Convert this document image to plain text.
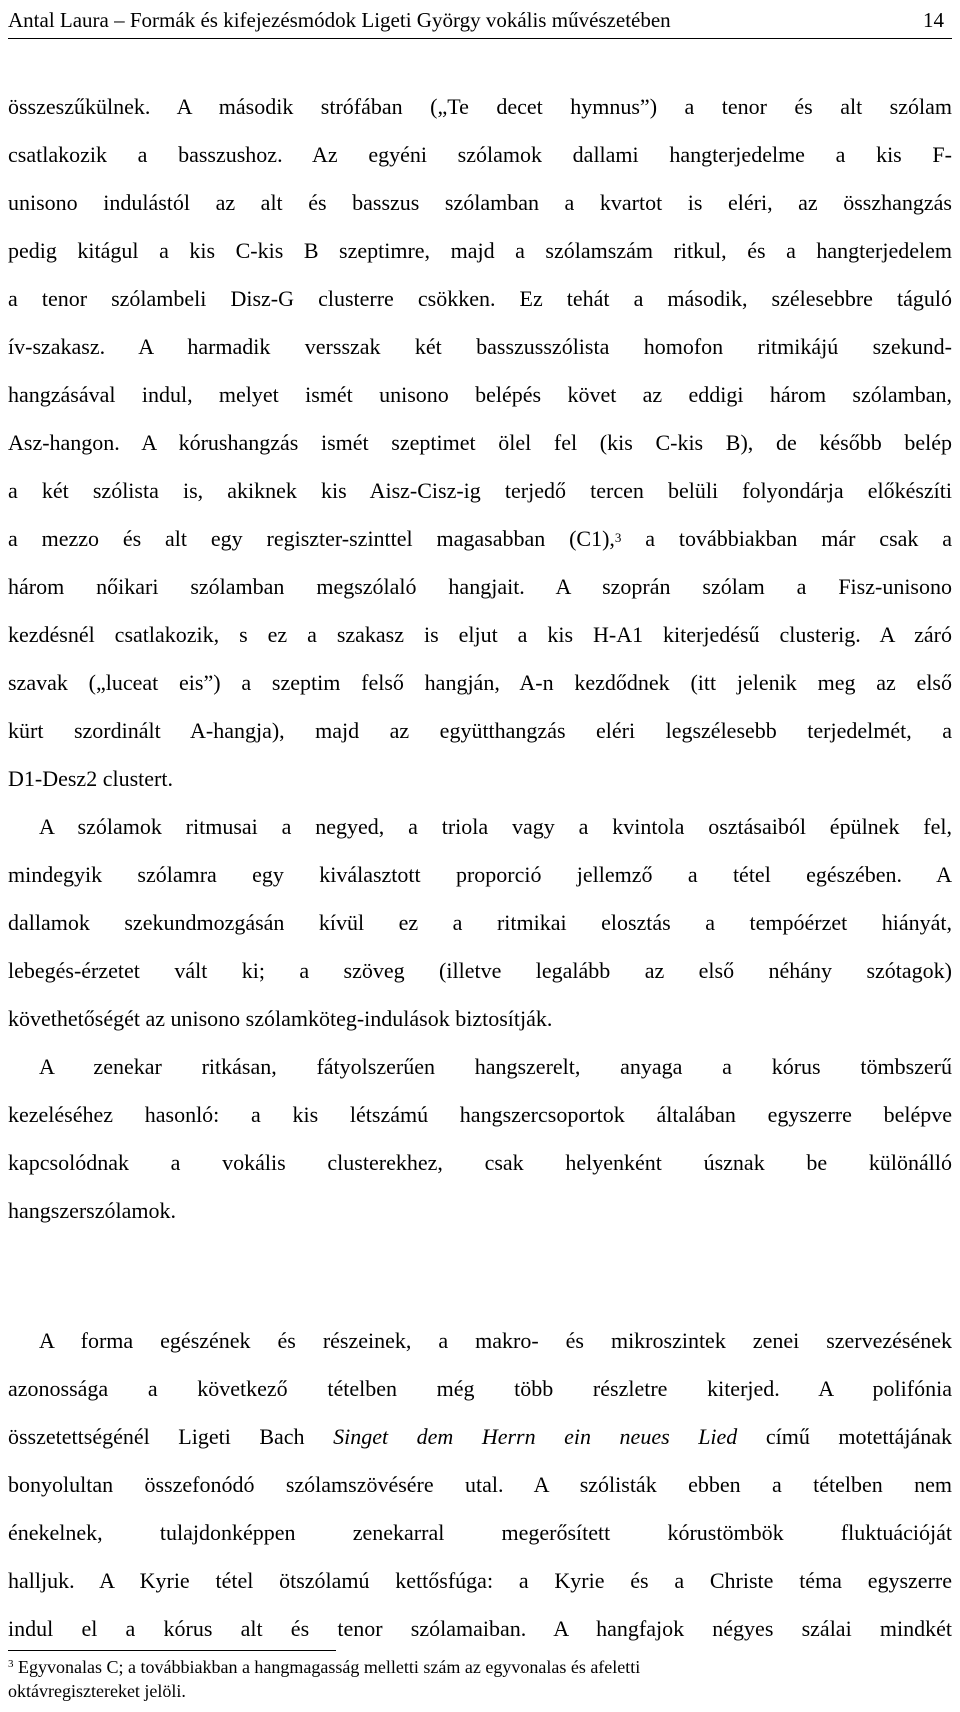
Antal Laura – Formák és kifejezésmódok Ligeti György vokális művészetében	14
összeszűkülnek. A második strófában („Te decet hymnus”) a tenor és alt szólam
csatlakozik a basszushoz. Az egyéni szólamok dallami hangterjedelme a kis F-
unisono indulástól az alt és basszus szólamban a kvartot is eléri, az összhangzás
pedig kitágul a kis C-kis B szeptimre, majd a szólamszám ritkul, és a hangterjedelem
a tenor szólambeli Disz-G clusterre csökken. Ez tehát a második, szélesebbre táguló
ív-szakasz. A harmadik versszak két basszusszólista homofon ritmikájú szekund-
hangzásával indul, melyet ismét unisono belépés követ az eddigi három szólamban,
Asz-hangon. A kórushangzás ismét szeptimet ölel fel (kis C-kis B), de később belép
a két szólista is, akiknek kis Aisz-Cisz-ig terjedő tercen belüli folyondárja előkészíti
a mezzo és alt egy regiszter-szinttel magasabban (C1),$^3$ a továbbiakban már csak a
három nőikari szólamban megszólaló hangjait. A szoprán szólam a Fisz-unisono
kezdésnél csatlakozik, s ez a szakasz is eljut a kis H-A1 kiterjedésű clusterig. A záró
szavak („luceat eis”) a szeptim felső hangján, A-n kezdődnek (itt jelenik meg az első
kürt szordinált A-hangja), majd az együtthangzás eléri legszélesebb terjedelmét, a
D1-Desz2 clustert.
A szólamok ritmusai a negyed, a triola vagy a kvintola osztásaiból épülnek fel,
mindegyik szólamra egy kiválasztott proporció jellemző a tétel egészében. A
dallamok szekundmozgásán kívül ez a ritmikai elosztás a tempóérzet hiányát,
lebegés-érzetet vált ki; a szöveg (illetve legalább az első néhány szótagok)
követhetőségét az unisono szólamköteg-indulások biztosítják.
A zenekar ritkásan, fátyolszerűen hangszerelt, anyaga a kórus tömbszerű
kezeléséhez hasonló: a kis létszámú hangszercsoportok általában egyszerre belépve
kapcsolódnak a vokális clusterekhez, csak helyenként úsznak be különálló
hangszerszólamok.
A forma egészének és részeinek, a makro- és mikroszintek zenei szervezésének
azonossága a következő tételben még több részletre kiterjed. A polifónia
összetettségénél Ligeti Bach Singet dem Herrn ein neues Lied című motettájának
bonyolultan összefonódó szólamszövésére utal. A szólisták ebben a tételben nem
énekelnek, tulajdonképpen zenekarral megerősített kórustömbök fluktuációját
halljuk. A Kyrie tétel ötszólamú kettősfúga: a Kyrie és a Christe téma egyszerre
indul el a kórus alt és tenor szólamaiban. A hangfajok négyes szálai mindkét
$^3$ Egyvonalas C; a továbbiakban a hangmagasság melletti szám az egyvonalas és afeletti
oktávregisztereket jelöli.
